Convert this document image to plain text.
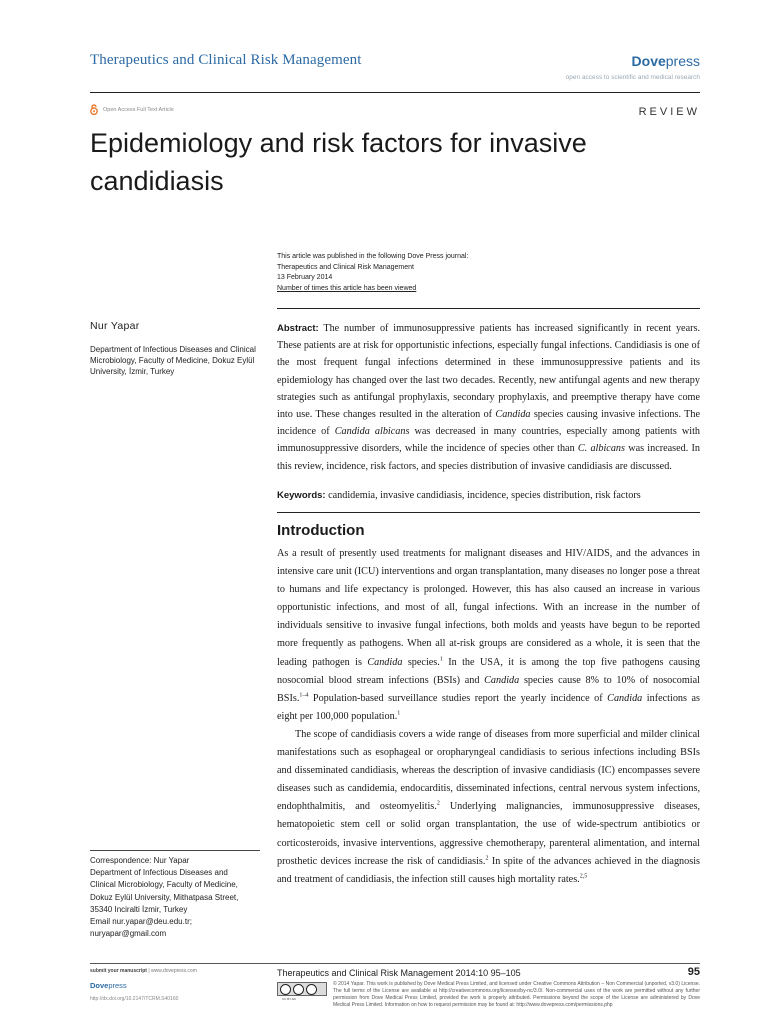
Therapeutics and Clinical Risk Management	Dovepress
open access to scientific and medical research
Open Access Full Text Article	REVIEW
Epidemiology and risk factors for invasive candidiasis
This article was published in the following Dove Press journal:
Therapeutics and Clinical Risk Management
13 February 2014
Number of times this article has been viewed
Nur Yapar
Department of Infectious Diseases and Clinical Microbiology, Faculty of Medicine, Dokuz Eylül University, İzmir, Turkey

Abstract: The number of immunosuppressive patients has increased significantly in recent years. These patients are at risk for opportunistic infections, especially fungal infections. Candidiasis is one of the most frequent fungal infections determined in these immunosuppressive patients and its epidemiology has changed over the last two decades. Recently, new antifungal agents and new therapy strategies such as antifungal prophylaxis, secondary prophylaxis, and preemptive therapy have come into use. These changes resulted in the alteration of Candida species causing invasive infections. The incidence of Candida albicans was decreased in many countries, especially among patients with immunosuppressive disorders, while the incidence of species other than C. albicans was increased. In this review, incidence, risk factors, and species distribution of invasive candidiasis are discussed.

Keywords: candidemia, invasive candidiasis, incidence, species distribution, risk factors
Introduction

As a result of presently used treatments for malignant diseases and HIV/AIDS, and the advances in intensive care unit (ICU) interventions and organ transplantation, many diseases no longer pose a threat to humans and life expectancy is prolonged. However, this has also caused an increase in various opportunistic infections, and most of all, fungal infections. With an increase in the number of individuals sensitive to invasive fungal infections, both molds and yeasts have begun to be reported more frequently as pathogens. When all at-risk groups are considered as a whole, it is seen that the leading pathogen is Candida species.$^1$ In the USA, it is among the top five pathogens causing nosocomial blood stream infections (BSIs) and Candida species cause 8% to 10% of nosocomial BSIs.$^{1-4}$ Population-based surveillance studies report the yearly incidence of Candida infections as eight per 100,000 population.$^1$

The scope of candidiasis covers a wide range of diseases from more superficial and milder clinical manifestations such as esophageal or oropharyngeal candidiasis to serious infections including BSIs and disseminated candidiasis, whereas the description of invasive candidiasis (IC) encompasses severe diseases such as candidemia, endocarditis, disseminated infections, central nervous system infections, endophthalmitis, and osteomyelitis.$^2$ Underlying malignancies, immunosuppressive diseases, hematopoietic stem cell or solid organ transplantation, the use of wide-spectrum antibiotics or corticosteroids, invasive interventions, aggressive chemotherapy, parenteral alimentation, and internal prosthetic devices increase the risk of candidiasis.$^2$ In spite of the advances achieved in the diagnosis and treatment of candidiasis, the infection still causes high mortality rates.$^{2,5}$

Correspondence: Nur Yapar
Department of Infectious Diseases and
Clinical Microbiology, Faculty of Medicine,
Dokuz Eylül University, Mithatpasa Street,
35340 Inciralti İzmir, Turkey
Email nur.yapar@deu.edu.tr;
nuryapar@gmail.com
submit your manuscript | www.dovepress.com
Dovepress
http://dx.doi.org/10.2147/TCRM.S40160
Therapeutics and Clinical Risk Management 2014:10 95–105	95
CC BY-NC
© 2014 Yapar. This work is published by Dove Medical Press Limited, and licensed under Creative Commons Attribution – Non Commercial (unported, v3.0) License. The full terms of the License are available at http://creativecommons.org/licenses/by-nc/3.0/. Non-commercial uses of the work are permitted without any further permission from Dove Medical Press Limited, provided the work is properly attributed. Permissions beyond the scope of the License are administered by Dove Medical Press Limited. Information on how to request permission may be found at: http://www.dovepress.com/permissions.php
